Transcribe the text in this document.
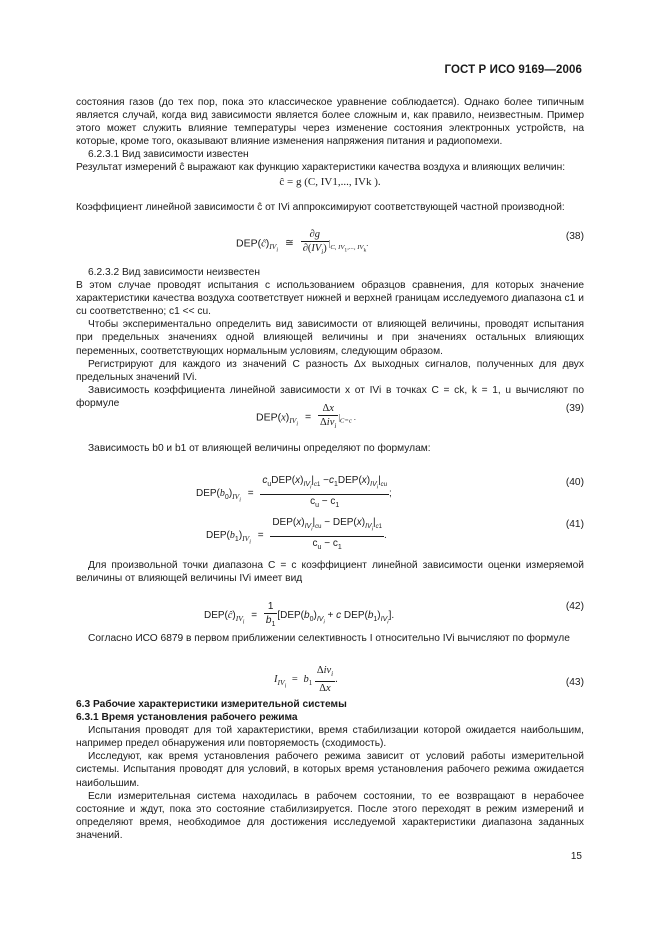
ГОСТ Р ИСО 9169—2006

состояния газов (до тех пор, пока это классическое уравнение соблюдается). Однако более типичным является случай, когда вид зависимости является более сложным и, как правило, неизвестным. Пример этого может служить влияние температуры через изменение состояния электронных устройств, на которые, кроме того, оказывают влияние изменения напряжения питания и радиопомехи.

6.2.3.1 Вид зависимости известен

Результат измерений ĉ выражают как функцию характеристики качества воздуха и влияющих величин:

ĉ = g (C, IV1,..., IVk ).

Коэффициент линейной зависимости ĉ от IVi аппроксимируют соответствующей частной производной:

$DEP(ĉ)_{IV_i}$ ≅ $\frac{\partial g}{\partial(IV_i)} |_{C, IV_1,..., IV_k}$.
(38)

6.2.3.2 Вид зависимости неизвестен

В этом случае проводят испытания с использованием образцов сравнения, для которых значение характеристики качества воздуха соответствует нижней и верхней границам исследуемого диапазона c1 и cu соответственно; c1 << cu.

Чтобы экспериментально определить вид зависимости от влияющей величины, проводят испытания при предельных значениях одной влияющей величины и при значениях остальных влияющих переменных, соответствующих нормальным условиям, следующим образом.

Регистрируют для каждого из значений C разность Δx выходных сигналов, полученных для двух предельных значений IVi.

Зависимость коэффициента линейной зависимости x от IVi в точках C = ck, k = 1, u вычисляют по формуле

$DEP(x)_{IV_i} = \frac{\Delta x}{\Delta iv_i} |_{C=c}$ .
(39)

Зависимость b0 и b1 от влияющей величины определяют по формулам:

$DEP(b_0)_{IV_i} = \frac{c_uDEP(x)_{IV_i}|_{c1} -c_1DEP(x)_{IV_i}|_{cu}}{c_u - c_1}$ ;
(40)
$DEP(b_1)_{IV_i} = \frac{DEP(x)_{IV_i}|_{cu} - DEP(x)_{IV_i}|_{c1}}{c_u - c_1}$ .
(41)

Для произвольной точки диапазона C = c коэффициент линейной зависимости оценки измеряемой величины от влияющей величины IVi имеет вид

$DEP(ĉ)_{IV_i} = \frac{1}{b_1} [DEP(b_0)_{IV_i} + c$ $DEP(b_1)_{IV_i}$].
(42)

Согласно ИСО 6879 в первом приближении селективность I относительно IVi вычисляют по формуле

$I_{IV_i} = b_1 \frac{\Delta iv_i}{\Delta x}$ .	(43)

6.3 Рабочие характеристики измерительной системы

6.3.1 Время установления рабочего режима

Испытания проводят для той характеристики, время стабилизации которой ожидается наибольшим, например предел обнаружения или повторяемость (сходимость).

Исследуют, как время установления рабочего режима зависит от условий работы измерительной системы. Испытания проводят для условий, в которых время установления рабочего режима ожидается наибольшим.

Если измерительная система находилась в рабочем состоянии, то ее возвращают в нерабочее состояние и ждут, пока это состояние стабилизируется. После этого переходят в режим измерений и определяют время, необходимое для достижения исследуемой характеристики диапазона заданных значений.

15
